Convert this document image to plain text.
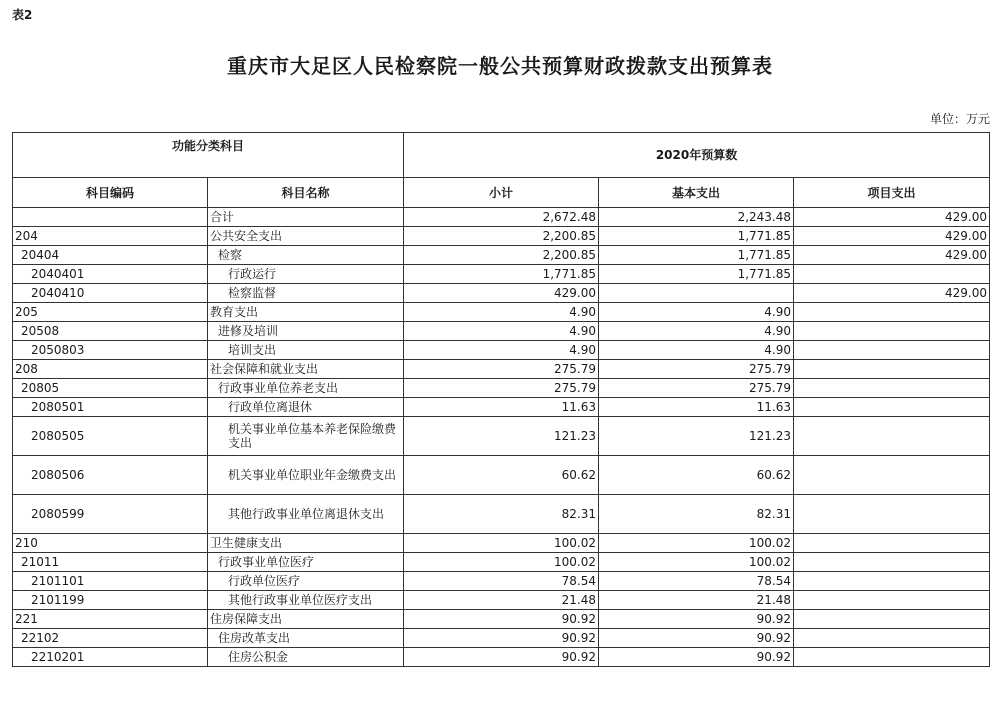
表2
重庆市大足区人民检察院一般公共预算财政拨款支出预算表
单位：万元
功能分类科目		2020年预算数		
科目编码	科目名称	小计	基本支出	项目支出
	合计	2,672.48	2,243.48	429.00
204	公共安全支出	2,200.85	1,771.85	429.00
20404	检察	2,200.85	1,771.85	429.00
2040401	行政运行	1,771.85	1,771.85	
2040410	检察监督	429.00		429.00
205	教育支出	4.90	4.90	
20508	进修及培训	4.90	4.90	
2050803	培训支出	4.90	4.90	
208	社会保障和就业支出	275.79	275.79	
20805	行政事业单位养老支出	275.79	275.79	
2080501	行政单位离退休	11.63	11.63	
2080505	机关事业单位基本养老保险缴费支出	121.23	121.23	
2080506	机关事业单位职业年金缴费支出	60.62	60.62	
2080599	其他行政事业单位离退休支出	82.31	82.31	
210	卫生健康支出	100.02	100.02	
21011	行政事业单位医疗	100.02	100.02	
2101101	行政单位医疗	78.54	78.54	
2101199	其他行政事业单位医疗支出	21.48	21.48	
221	住房保障支出	90.92	90.92	
22102	住房改革支出	90.92	90.92	
2210201	住房公积金	90.92	90.92	
